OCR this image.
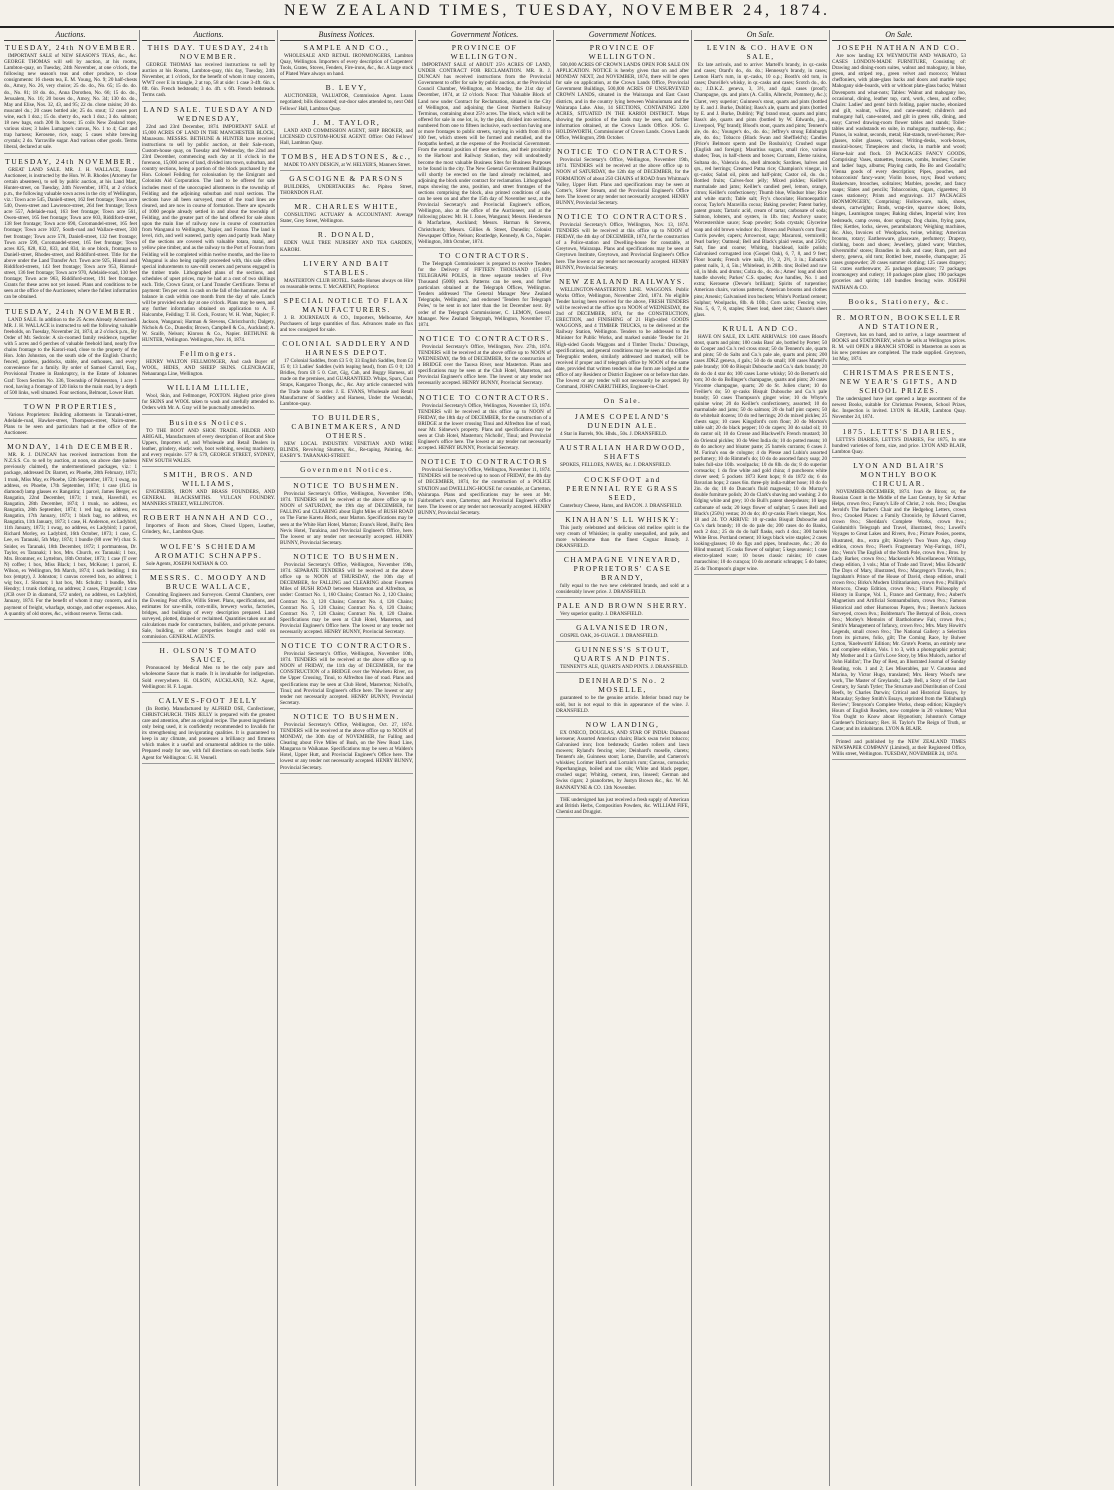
NEW ZEALAND TIMES, TUESDAY, NOVEMBER 24, 1874.
Auctions.
TUESDAY, 24th NOVEMBER.
IMPORTANT SALE of NEW SEASON'S TEAS, &c., &c. GEORGE THOMAS will sell by auction, at his rooms, Lambton-quay, on Tuesday, 24th November, at one o'clock, the following new season's teas and other produce, to close consignments: 16 chests tea, E. M. Young, No. 9; 20 half-chests do., Amoy, No. 26, very choice; 25 do. do., No. 65; 15 do. do. do., No. 81; 18 do. do., Anna Dorothea, No. 66; 15 do. do., Jerusalem, No. 16; 20 boxes do., Amoy, No. 34; 130 do. do., May and Elise, Nos. 32, 43, and 95; 22 do. clone raisins; 20 do. muscatel do.; 20 cases bottled ale; 25 do. stout; 12 cases port wine, each 1 doz.; 15 do. sherry do., each 1 doz.; 3 do. salmon; 18 new bags, each 200 lb. boxes; 15 coils New Zealand rope, various sizes; 3 bales Lumagne's canvas, No. 1 to 4; Cast and trap harness; Kerosene, rice, soap; 5 cases white brewing crystals; 2 do. Yarraville sugar. And various other goods. Terms liberal, declared at sale.
TUESDAY, 24th NOVEMBER.
GREAT LAND SALE. MR. J. H. WALLACE, Estate Auctioneer, is instructed by the Hon. W. B. Rhodes (Attorney for certain absentees), to sell by public auction, at his Land Mart, Hunter-street, on Tuesday, 24th November, 1874, at 2 o'clock p.m., the following valuable town acres in the city of Wellington, viz.: Town acre 545, Daniell-street, 162 feet frontage; Town acre 540, Owen-street and Lawrence-street, 264 feet frontage; Town acre 557, Adelaide-road, 163 feet frontage; Town acre 561, Owen-street, 165 feet frontage; Town acre 603, Riddiford-street, 138 feet frontage; Town acre 690, Coromandel-street, 165 feet frontage; Town acre 1027, South-road and Wallace-street, 330 feet frontage; Town acre 578, Daniell-street, 132 feet frontage; Town acre 599, Coromandel-street, 165 feet frontage; Town acres 825, 828, 832, 833, and 834, in one block, frontages to Daniell-street, Rhodes-street, and Riddiford-street. Title for the above under the Land Transfer Act. Town acre 925, Hintoul and Riddiford-streets, 143 feet frontage; Town acre 953, Rintoul-street, 136 feet frontage; Town acre 970, Adelaide-road, 130 feet frontage; Town acre 963, Riddiford-street, 191 feet frontage. Grants for these acres not yet issued. Plans and conditions to be seen at the office of the Auctioneer, where the fullest information can be obtained.
TUESDAY, 24th NOVEMBER.
LAND SALE. In addition to the 25 Acres Already Advertised. MR. J. H. WALLACE is instructed to sell the following valuable freeholds, on Tuesday, November 24, 1874, at 2 o'clock p.m., By Order of Mr. Sedcole: A six-roomed family residence, together with 5 acres and 6 perches of valuable freehold land, nearly five chains frontage to the Karori-road, close to the property of the Hon. John Johnston, on the south side of the English Church; fenced, gardens, paddocks, stable, and outhouses, and every convenience for a family. By order of Samuel Carroll, Esq., Provisional Trustee in Bankruptcy, in the Estate of Johannes Graf: Town Section No. 336, Township of Palmerston, 1 acre 1 rood, having a frontage of 120 links to the main road, by a depth of 500 links, well situated. Four sections, Belmont, Lower Hutt.
TOWN PROPERTIES,
Various Proprietors: Building allotments in Taranaki-street, Adelaide-road, Hawker-street, Thompson-street, Nairn-street. Plans to be seen and particulars had at the office of the Auctioneer.
MONDAY, 14th DECEMBER.
MR. R. J. DUNCAN has received instructions from the N.Z.S.S. Co. to sell by auction, at noon, on above date (unless previously claimed), the undermentioned packages, viz.: 1 package, addressed Dr. Barrett, ex Phoebe, 28th February, 1873; 1 trunk, Miss May, ex Phoebe, 12th September, 1873; 1 swag, no address, ex Phoebe, 17th September, 1874; 1 case (JLG in diamond) lamp glasses ex Rangatira; 1 parcel, James Berger, ex Rangatira, 22nd December, 1873; 1 trunk, Haverhill, ex Rangatira, 28th December, 1874; 1 trunk, no address, ex Rangatira, 28th September, 1874; 1 red bag, no address, ex Rangatira, 17th January, 1873; 1 black bag, no address, ex Rangatira, 11th January, 1873; 1 case, H. Anderson, ex Ladybird, 11th January, 1873; 1 swag, no address, ex Ladybird; 1 parcel, Richard Morley, ex Ladybird, 16th October, 1873; 1 case, C. Lee, ex Taranaki, 5th May, 1874; 1 bundle (88 over W) char. S. Snider, ex Taranaki, 18th December, 1872; 1 portmanteau, Dr. Taylor, ex Taranaki; 1 box, Mrs. Church, ex Taranaki; 1 box, Mrs. Brommer, ex Lyttelton, 18th October, 1873; 1 case (T over N) coffee; 1 box, Miss Black; 1 box, McKune; 1 parcel, E. Wilson, ex Wellington, 9th March, 1874; 1 sack bedding; 1 tin box (empty), J. Johnston; 1 canvas covered box, no address; 1 wig box, J. Sloman; 1 hat box, Mr. Schultz; 1 bundle, Mrs. Hendry; 1 trunk clothing, no address; 2 cases, Fitzgerald; 1 case (JCB over D in diamond, 572 under), no address, ex Ladybird, January, 1874. For the benefit of whom it may concern, and in payment of freight, wharfage, storage, and other expenses. Also, A quantity of old stores, &c., without reserve. Terms cash.
Auctions.
THIS DAY. TUESDAY, 24th NOVEMBER.
GEORGE THOMAS has received instructions to sell by auction at his Rooms, Lambton-quay, this day, Tuesday, 24th November, at 1 o'clock, for the benefit of whom it may concern, WWT over E in triangle, 2 at top, 58 at side: 1 case 3-4ft. 6in. x 6ft. 6in. French bedsteads; 3 do. 4ft. x 6ft. French bedsteads. Terms cash.
LAND SALE. TUESDAY AND WEDNESDAY,
22nd and 23rd December, 1874. IMPORTANT SALE of 15,000 ACRES OF LAND IN THE MANCHESTER BLOCK, Manawatu. MESSRS. BETHUNE & HUNTER have received instructions to sell by public auction, at their Sale-room, Custom-house quay, on Tuesday and Wednesday, the 22nd and 23rd December, commencing each day at 11 o'clock in the forenoon, 15,000 acres of land, divided into town, suburban, and country sections, being a portion of the block purchased by the Hon. Colonel Feilding for colonisation by the Emigrant and Colonists Aid Corporation. The land to be offered for sale includes most of the unoccupied allotments in the township of Feilding and the adjoining suburban and rural sections. The sections have all been surveyed, most of the road lines are cleared, and are now in course of formation. There are upwards of 1000 people already settled in and about the township of Feilding, and the greater part of the land offered for sale abuts upon the main line of railway now in course of construction from Wanganui to Wellington, Napier, and Foxton. The land is level, rich, and well watered, partly open and partly bush. Many of the sections are covered with valuable totara, matai, and yellow pine timber, and as the railway to the Port of Foxton from Feilding will be completed within twelve months, and the line to Wanganui is also being rapidly proceeded with, this sale offers special inducements to saw-mill owners and persons engaged in the timber trade. Lithographed plans of the sections, and schedules of upset prices, may be had at a cost of two shillings each. Title, Crown Grant, or Land Transfer Certificate. Terms of payment: Ten per cent. in cash on the fall of the hammer, and the balance in cash within one month from the day of sale. Lunch will be provided each day at one o'clock. Plans may be seen, and any further information obtained on application to A. F. Halcombe, Feilding; T. H. Cock, Foxton; W. H. Watt, Napier; F. Jackson, Wanganui; Harman & Stevens, Christchurch; Dalgety, Nichols & Co., Dunedin; Brown, Campbell & Co., Auckland; A. W. Scaife, Nelson; Kinross & Co., Napier. BETHUNE & HUNTER, Wellington. Wellington, Nov. 16, 1874.
Fellmongers.
HENRY WALTON FELLMONGER, And cash Buyer of WOOL, HIDES, AND SHEEP SKINS. GLENCRAGIE, Nehauranga Line, Wellington.
WILLIAM LILLIE,
Wool, Skin, and Fellmonger, FOXTON. Highest price given for SKINS and WOOL taken to wash and carefully attended to. Orders with Mr. A. Gray will be punctually attended to.
Business Notices.
TO THE BOOT AND SHOE TRADE. HILDER AND ABIGAIL, Manufacturers of every description of Boot and Shoe Uppers, Importers of, and Wholesale and Retail Dealers in leather, grindery, elastic web, boot webbing, sewing machinery, and every requisite. 577 & 579, GEORGE STREET, SYDNEY, NEW SOUTH WALES.
SMITH, BROS. AND WILLIAMS,
ENGINEERS, IRON AND BRASS FOUNDERS, AND GENERAL BLACKSMITHS. VULCAN FOUNDRY. MANNERS STREET, WELLINGTON.
ROBERT HANNAH AND CO.,
Importers of Boots and Shoes, Closed Uppers, Leather, Grindery, &c., Lambton Quay.
WOLFE'S SCHIEDAM AROMATIC SCHNAPPS.
Sole Agents, JOSEPH NATHAN & CO.
MESSRS. C. MOODY AND BRUCE WALLACE,
Consulting Engineers and Surveyors. Central Chambers, over the Evening Post office, Willis Street. Plans, specifications, and estimates for saw-mills, corn-mills, brewery works, factories, bridges, and buildings of every description prepared. Land surveyed, plotted, drained or reclaimed. Quantities taken out and calculations made for contractors, builders, and private persons. Sale, building, or other properties bought and sold on commission. GENERAL AGENTS.
H. OLSON'S TOMATO SAUCE,
Pronounced by Medical Men to be the only pure and wholesome Sauce that is made. It is invaluable for indigestion. Sold everywhere. H. OLSON, AUCKLAND, N.Z. Agent, Wellington: H. F. Logan.
CALVES-FOOT JELLY
(In Bottle). Manufactured by ALFRED OSE, Confectioner, CHRISTCHURCH. THIS JELLY is prepared with the greatest care and attention, after an original recipe. The purest ingredients only being used, it is confidently recommended to Invalids for its strengthening and invigorating qualities. It is guaranteed to keep in any climate, and possesses a brilliancy and firmness which makes it a useful and ornamental addition to the table. Prepared ready for use, with full directions on each bottle. Sole Agent for Wellington: G. H. Vennell.
Business Notices.
SAMPLE AND CO.,
WHOLESALE AND RETAIL IRONMONGERS, Lambton Quay, Wellington. Importers of every description of Carpenters' Tools, Grates, Stoves, Fenders, Fire-irons, &c., &c. A large stock of Plated Ware always on hand.
B. LEVY,
AUCTIONEER, VALUATOR, Commission Agent. Loans negotiated; bills discounted; out-door sales attended to, next Odd Fellows' Hall, Lambton Quay.
J. M. TAYLOR,
LAND AND COMMISSION AGENT, SHIP BROKER, and LICENSED CUSTOM-HOUSE AGENT. Office: Odd Fellows' Hall, Lambton Quay.
TOMBS, HEADSTONES, &c.,
MADE TO ANY DESIGN, at W. HELYER'S, Manners Street.
GASCOIGNE & PARSONS
BUILDERS, UNDERTAKERS &c. Pipitea Street, THORNDON FLAT.
MR. CHARLES WHITE,
CONSULTING ACTUARY & ACCOUNTANT. Average Stater, Grey Street, Wellington.
R. DONALD,
EDEN VALE TREE NURSERY AND TEA GARDEN, KARORI.
LIVERY AND BAIT STABLES.
MASTERTON CLUB HOTEL. Saddle Horses always on Hire on reasonable terms. T. McCARTHY, Proprietor.
SPECIAL NOTICE TO FLAX MANUFACTURERS.
J. B. JOURNEAUX & CO., Importers, Melbourne, Are Purchasers of large quantities of flax. Advances made on flax and tow consigned for sale.
COLONIAL SADDLERY AND HARNESS DEPOT.
17 Colonial Saddles, from £3 5 0; 33 English Saddles, from £2 15 0; 13 Ladies' Saddles (with leaping head), from £5 0 0; 120 Bridles, from £0 5 0. Cart, Gig, Cab, and Buggy Harness, all made on the premises, and GUARANTEED. Whips, Spurs, Coat Straps, Kangaroo Thongs, &c., &c. Any article connected with the Trade made to order. J. E. EVANS, Wholesale and Retail Manufacturer of Saddlery and Harness, Under the Verandah, Lambton-quay.
TO BUILDERS, CABINETMAKERS, AND OTHERS.
NEW LOCAL INDUSTRY. VENETIAN AND WIRE BLINDS, Revolving Shutters, &c., Re-taping, Painting, &c. EASBY'S. TARANAKI-STREET.
Government Notices.
NOTICE TO BUSHMEN.
Provincial Secretary's Office, Wellington, November 19th, 1874. TENDERS will be received at the above office up to NOON of SATURDAY, the 19th day of DECEMBER, for FALLING and CLEARING about Eight Miles of BUSH ROAD on The Farne Karetu Block, near Marton. Specifications may be seen at the White Hart Hotel, Marton; Evans's Hotel, Bull's; Ben Nevis Hotel, Turakina, and Provincial Engineer's Office, here. The lowest or any tender not necessarily accepted. HENRY BUNNY, Provincial Secretary.
NOTICE TO BUSHMEN.
Provincial Secretary's Office, Wellington, November 19th, 1874. SEPARATE TENDERS will be received at the above office up to NOON of THURSDAY, the 10th day of DECEMBER, for FALLING and CLEARING about Fourteen Miles of BUSH ROAD between Masterton and Alfredton, as under: Contract No. 1, 160 Chains; Contract No. 2, 120 Chains; Contract No. 3, 120 Chains; Contract No. 4, 120 Chains; Contract No. 5, 120 Chains; Contract No. 6, 120 Chains; Contract No. 7, 120 Chains; Contract No. 8, 120 Chains. Specifications may be seen at Club Hotel, Masterton, and Provincial Engineer's Office here. The lowest or any tender not necessarily accepted. HENRY BUNNY, Provincial Secretary.
NOTICE TO CONTRACTORS.
Provincial Secretary's Office, Wellington, November 10th, 1874. TENDERS will be received at the above office up to NOON of FRIDAY, the 11th day of DECEMBER, for the CONSTRUCTION of a BRIDGE over the Waiwhetu River, on the Upper Crossing, Tinui, to Alfredton line of road. Plans and specifications may be seen at Club Hotel, Masterton; Nicholl's, Tinui; and Provincial Engineer's office here. The lowest or any tender not necessarily accepted. HENRY BUNNY, Provincial Secretary.
NOTICE TO BUSHMEN.
Provincial Secretary's Office, Wellington, Oct. 27, 1874. TENDERS will be received at the above office up to NOON of MONDAY, the 30th day of NOVEMBER, for Falling and Clearing about Five Miles of Bush, on the New Road Line, Mangaroa to Waikanae. Specifications may be seen at Walden's Hotel, Upper Hutt, and Provincial Engineer's Office here. The lowest or any tender not necessarily accepted. HENRY BUNNY, Provincial Secretary.
Government Notices.
PROVINCE OF WELLINGTON.
IMPORTANT SALE of ABOUT 25½ ACRES OF LAND, UNDER CONTRACT FOR RECLAMATION. MR. R. J. DUNCAN has received instructions from the Provincial Government to offer for sale by public auction, at the Provincial Council Chamber, Wellington, on Monday, the 21st day of December, 1874, at 12 o'clock Noon: That Valuable Block of Land now under Contract for Reclamation, situated in the City of Wellington, and adjoining the Great Northern Railway Terminus, containing about 25½ acres. The block, which will be offered for sale in one lot, is, by the plan, divided into sections, numbered from one to fifteen inclusive, each section having one or more frontages to public streets, varying in width from 40 to 100 feet, which streets will be formed and metalled, and the footpaths kerbed, at the expense of the Provincial Government. From the central position of these sections, and their proximity to the Harbour and Railway Station, they will undoubtedly become the most valuable Business Sites for Business Purposes to be found in the city. The New General Government Buildings will shortly be erected on the land already reclaimed, and adjoining the block under contract for reclamation. Lithographed maps showing the area, position, and street frontages of the sections comprising the block, also printed conditions of sale, can be seen on and after the 15th day of November next, at the Provincial Secretary's and Provincial Engineer's offices, Wellington, also at the office of the Auctioneer, and at the following places: Mr. H. I. Jones, Wanganui; Messrs. Henderson & Macfarlane, Auckland; Messrs. Harman & Stevens, Christchurch; Messrs. Gillies & Street, Dunedin; Colonist Newspaper Office, Nelson; Routledge, Kennedy, & Co., Napier. Wellington, 30th October, 1874.
TO CONTRACTORS.
The Telegraph Commissioner is prepared to receive Tenders for the Delivery of FIFTEEN THOUSAND (15,000) TELEGRAPH POLES, in three separate tenders of Five Thousand (5000) each. Patterns can be seen, and further particulars obtained at the Telegraph Offices, Wellington. Tenders addressed 'The General Manager New Zealand Telegraphs, Wellington,' and endorsed 'Tenders for Telegraph Poles,' to be sent in not later than the 1st December next. By order of the Telegraph Commissioner, C. LEMON, General Manager. New Zealand Telegraph, Wellington, November 17, 1874.
NOTICE TO CONTRACTORS.
Provincial Secretary's Office, Wellington, Nov. 27th, 1874. TENDERS will be received at the above office up to NOON of WEDNESDAY, the 9th of DECEMBER, for the construction of a BRIDGE over the Tauwa River, near Masterton. Plans and specifications may be seen at the Club Hotel, Masterton, and Provincial Engineer's office here. The lowest or any tender not necessarily accepted. HENRY BUNNY, Provincial Secretary.
NOTICE TO CONTRACTORS.
Provincial Secretary's Office, Wellington, November 13, 1874. TENDERS will be received at this office up to NOON of FRIDAY, the 18th day of DECEMBER, for the construction of a BRIDGE at the lower crossing Tinui and Alfredton line of road, near Mr. Sidnews's property. Plans and specifications may be seen at Club Hotel, Masterton; Nicholls', Tinui; and Provincial Engineer's office here. The lowest or any tender not necessarily accepted. HENRY BUNNY, Provincial Secretary.
NOTICE TO CONTRACTORS
Provincial Secretary's Office, Wellington, November 11, 1874. TENDERS will be received up to noon of FRIDAY, the 4th day of DECEMBER, 1874, for the construction of a POLICE STATION and DWELLING-HOUSE for constable, at Carterton, Wairarapa. Plans and specifications may be seen at Mr. Fairbrother's store, Carterton; and Provincial Engineer's office here. The lowest or any tender not necessarily accepted. HENRY BUNNY, Provincial Secretary.
Government Notices.
PROVINCE OF WELLINGTON.
500,000 ACRES OF CROWN LANDS OPEN FOR SALE ON APPLICATION. NOTICE is hereby given that on and after MONDAY NEXT, 2nd NOVEMBER, 1874, there will be open for sale on application, at the Crown Lands Office, Provincial Government Buildings, 500,000 ACRES OF UNSURVEYED CROWN LANDS, situated in the Wairarapa and East Coast districts, and in the country lying between Wainuiomata and the Wairarapa Lake. Also, 14 SECTIONS, CONTAINING 3200 ACRES, SITUATED IN THE KARIOI DISTRICT. Maps showing the position of the lands may be seen, and further information obtained, at the Crown Lands Office. JOS. G. HOLDSWORTH, Commissioner of Crown Lands. Crown Lands Office, Wellington, 29th October.
NOTICE TO CONTRACTORS.
Provincial Secretary's Office, Wellington, November 19th, 1874. TENDERS will be received at the above office up to NOON of SATURDAY, the 12th day of DECEMBER, for the FORMATION of about 250 CHAINS of ROAD from Whitmaa's Valley, Upper Hutt. Plans and specifications may be seen at Cotter's, Silver Stream, and the Provincial Engineer's Office here. The lowest or any tender not necessarily accepted. HENRY BUNNY, Provincial Secretary.
NOTICE TO CONTRACTORS.
Provincial Secretary's Office, Wellington, Nov. 13, 1874. TENDERS will be received at this office up to NOON of FRIDAY, the 4th day of DECEMBER, 1874, for the construction of a Police-station and Dwelling-house for constable, at Greytown, Wairarapa. Plans and specifications may be seen at Greytown Institute, Greytown, and Provincial Engineer's Office here. The lowest or any tender not necessarily accepted. HENRY BUNNY, Provincial Secretary.
NEW ZEALAND RAILWAYS.
WELLINGTON-MASTERTON LINE. WAGGONS. Public Works Office, Wellington, November 23rd, 1874. No eligible Tender having been received for the above, FRESH TENDERS will be received at the office up to NOON of WEDNESDAY, the 2nd of DECEMBER, 1874, for the CONSTRUCTION, ERECTION, and FINISHING of 21 High-sided GOODS WAGGONS, and 4 TIMBER TRUCKS, to be delivered at the Railway Station, Wellington. Tenders to be addressed to the Minister for Public Works, and marked outside 'Tender for 21 High-sided Goods Waggons and 4 Timber Trucks.' Drawings, specifications, and general conditions may be seen at this Office. Telegraphic tenders, similarly addressed and marked, will be received if proper and if telegraph office by NOON of the same date, provided that written tenders in due form are lodged at the office of any Resident or District Engineer on or before that date. The lowest or any tender will not necessarily be accepted. By Command, JOHN CARRUTHERS, Engineer-in-Chief.
On Sale.
JAMES COPELAND'S DUNEDIN ALE.
4 Star in Barrels, 90s. Hhds., 50s. J. DRANSFIELD.
AUSTRALIAN HARDWOOD, SHAFTS
SPOKES, FELLOES, NAVES, &c. J. DRANSFIELD.
COCKSFOOT and PERENNIAL RYE GRASS SEED,
Canterbury Cheese, Hams, and BACON. J. DRANSFIELD.
KINAHAN'S LL WHISKY:
This justly celebrated and delicious old mellow spirit is the very cream of Whiskies; in quality unequalled, and pale, and more wholesome than the finest Cognac Brandy. J. DRANSFIELD.
CHAMPAGNE VINEYARD, PROPRIETORS' CASE BRANDY,
fully equal to the two new celebrated brands, and sold at a considerably lower price. J. DRANSFIELD.
PALE AND BROWN SHERRY.
Very superior quality. J. DRANSFIELD.
GALVANISED IRON,
GOSPEL OAK, 26-GUAGE. J. DRANSFIELD.
GUINNESS'S STOUT, QUARTS AND PINTS.
TENNENT'S ALE, QUARTS AND PINTS. J. DRANSFIELD.
DEINHARD'S No. 2 MOSELLE,
guaranteed to be the genuine article. Inferior brand may be sold, but is not equal to this in appearance of the wine. J. DRANSFIELD.
NOW LANDING,
EX ONECO, DOUGLAS, AND STAR OF INDIA: Diamond kerosene; Assorted American chairs; Black swan twist tobacco; Galvanised iron; Iron bedsteads; Garden rollers and lawn mowers; Ryland's fencing wire; Deinhard's moselle, clarets; Tennent's ale, Guinness stout; Lorne, Danville, and Cameron's whiskies; Lorimer Hart's and Lorrain's rum; Canvas, cornsacks; Paperhangings, boiled and raw oils; White and black pepper, crushed sugar; Whiting, cement, iron, linseed; German and Swiss cigars; 2 pianofortes, by Justyn Brown &c., &c. W. M. BANNATYNE & CO. 13th November.
THE undersigned has just received a fresh supply of American and British Herbs, Composition Powders, &c. WILLIAM FIFE, Chemist and Druggist.
On Sale.
LEVIN & CO. HAVE ON SALE,
Ex late arrivals, and to arrive: Martell's brandy, in qr.-casks and cases; Otard's do., do. do.; Hennessy's brandy, in cases; Lemon Hart's rum, in qr.-casks, 10 o.p.; Booth's old tom, in cases; Dunville's whisky, in qr.-casks and cases; Scotch do., do. do.; J.D.K.Z. geneva, 3, 3½, and 4gal. cases (proof); Champagne, qts. and pints (A. Collin, Albrecht, Pommery, &c.); Claret, very superior; Guinness's stout, quarts and pints (bottled by E. and J. Burke, Dublin); Bass's ale, quarts and pints (bottled by E. and J. Burke, Dublin); 'Pig' brand stout, quarts and pints; Bass's ale, quarts and pints (bottled by W. Edwards, jun., Liverpool, 'Pig' brand); Blood's stout, quarts and pints; Tennent's ale, do. do.; Younger's do., do. do.; Jeffrey's strong Edinburgh ale, do. do.; Tobacco (Black Swan and Sheffield's); Candles (Price's Belmont sperm and De Roubaix's); Crushed sugar (English and foreign); Mauritius sugars, small rice, various shades; Teas, in half-chests and boxes; Currants, Eleme raisins, Sultana do., Valencia do., shell almonds; Sardines, halves and qrs., red herrings; Creamed Patna rice; Champion's vinegar, in qr.-casks; Salad oil, pints and half-pints; Castor oil, do. do.; Bottled fruits; Calves-foot jelly; Mixed pickles; Keiller's marmalade and jams; Keiller's candied peel, lemon, orange, citron; Keiller's confectionery; Thumb blue, Windsor blue; Rice and white starch; Table salt; Fry's chocolate; Homoeopathic cocoa; Taylor's Maravilla cocoa; Baking powder; Patent barley, patent groats; Tartaric acid, cream of tartar, carbonate of soda; Salmon, lobsters, and oysters, in 1lb. tins; Anchovy sauce; Worcestershire sauce; Soap powder; Soda crystals; Glycerine soap and old brown windsor do.; Brown and Polson's corn flour; Curris powder, capers; Arrowroot, sago; Macaroni, vermicelli; Pearl barley; Oatmeal; Bell and Black's plaid vestas, and 250's; Salt, fine and coarse; Whiting, blacklead, knife polish; Galvanised corrugated iron (Gospel Oak), 6, 7, 8, and 9 feet; Floor boards; French wire nails, 1½, 2, 2½, 3 in.; Eubank's patent nails, 3, 4, 5in.; Whitelead, in 28lb. tins; Boiled and raw oil, in hhds. and drums; Colza do., do. do.; Ames' long and short handle shovels; Parkes' C.S. spades; Axe handles, No. 1 and extra; Kerosene (Devoe's brilliant); Spirits of turpentine; American chairs, various patterns; American brooms and clothes pins; Arsenic; Galvanised iron buckets; White's Portland cement; Sulphur; Woolpacks, 8lb. & 10lb.; Corn sacks; Fencing wire, Nos. 5, 6, 7, 8, staples; Sheet lead, sheet zinc; Chance's sheet glass.
KRULL AND CO.
HAVE ON SALE, EX LATE ARRIVALS: 100 cases Blood's stout, quarts and pints; 100 casks Bass' ale, bottled by Porter; 50 do Cooper and Co.'s red cross stout; 50 do Tennent's ale, quarts and pints; 50 do Salts and Co.'s pale ale, quarts and pints; 200 cases JDKZ geneva, 4 gals.; 50 do do small; 100 cases Martell's pale brandy; 100 do Bisquit Dubouche and Co.'s dark brandy; 20 do do do 4 star do; 100 cases Lorne whisky; 50 do Bernett's old tom; 30 do do Bollinger's champagne, quarts and pints; 20 cases Vicomte champagne, quarts; 20 do St. Julien claret; 10 do Freilier's do; 50 qr-casks Bisquit Dubouche and Co.'s pale brandy; 50 cases Thompson's ginger wine; 10 do Whyte's quinine wine; 20 do Keiller's confectionery, assorted; 10 do marmalade and jams; 50 do salmon; 20 do half pint capers; 50 do whitebait dozens; 10 do red herrings; 20 do mixed pickles; 25 chests sago; 10 cases Kingsford's corn flour; 20 do Morton's table salt; 20 do black pepper; 10 do capers; 30 do salad oil; 10 do castor oil; 10 do Crosse and Blackwell's French mustard; 30 do Oriental pickles; 10 do West India do; 10 do potted meats; 10 do do anchovy and bloater paste; 25 barrels currants; 6 cases J. M. Farina's eau de cologne; 4 do Plesse and Lubin's assorted perfumery; 10 do Rimmel's do; 10 do do assorted fancy soap; 20 bales full-size 10lb. woolpacks; 10 do 8lb. do do; 8 do superior cornsacks; 1 do fine white and gold china; 4 puncheons white clover seed; 5 pockets 1873 Kent hops; 8 do 1872 do; 6 do Bavarian hops; 2 cases 6in. three-ply india-rubber hose; 10 do do 2in. do do; 10 do Duncan's fluid magnesia; 10 do Murray's double furniture polish; 20 do Clark's shaving and washing; 2 do Edging white and grey; 10 do Bull's patent sheepshears; 10 kegs carbonate of soda; 20 kegs flower of sulphur; 5 cases Bell and Black's (250's) vestas; 20 do do; 40 qr-casks Fine's vinegar, Nos. 18 and 24. TO ARRIVE: 10 qr-casks Bisquit Dubouche and Co.'s dark brandy; 10 do do pale do; 200 cases do do Banks, each 2 doz.; 25 do do do half flasks, each 4 doz.; 300 barrels White Bros. Portland cement; 10 kegs black wire staples; 2 cases looking-glasses; 10 do figs and pipes, brushware, &c.; 20 do Blind mustard; 15 casks flower of sulphur; 5 kegs arsenic; 1 case electro-plated ware; 10 boxes classic raisins; 10 cases maraschino; 10 do curaçoa; 10 do aromatic schnapps; 5 do bates; 25 do Thompson's ginger wine.
On Sale.
JOSEPH NATHAN AND CO.
Are now landing EX WEYMOUTH AND WAIKATO, 53 CASES LONDON-MADE FURNITURE, Consisting of: Drawing and dining-room suites, walnut and mahogany, in blue, green, and striped rep., green velvet and morocco; Walnut cheffoniers, with plate-glass backs and doors and marble tops; Mahogany side-boards, with or without plate-glass backs; Walnut Davenports and what-nots; Tables: Walnut and mahogany loo, occasional, dining, leather top, card, work, chess, and coffee; Chairs: Ladies' and gents' birch folding, papier mache, ebonized and gilt, walnut, willow, and cane-seated; children's and mahogany hall, cane-seated, and gilt in green silk, dining, and easy; Carved drawing-room flower tables and stands; Toilet-tables and washstands en suite, in mahogany, marble-top, &c.; Pianos, in walnut, seconds, metal; Hat-stands, towel-horses; Pier-glasses, toilet glasses, various; Writing-desks, work-boxes, musical-boxes; Timepieces and clocks, in marble and wood; Horse-hair and flock. 59 PACKAGES FANCY GOODS, Comprising: Vases, statuettes, bronzes, combs, brushes; Courier and ladies' bags, albums; Playing cards, Bo Bo and Goodall's; Vienna goods of every description; Pipes, pouches, and tobacconists' fancy-ware; Violin boxes, toys; Bead workers; Basketware, brooches, solitaires; Marbles, powder, and fancy soaps; Slates and pencils; Tobacconists, cigars, cigarettes; 10 cases stationery; Prints and engravings. 317 PACKAGES IRONMONGERY, Comprising: Hollowware, nails, shoes, shears, cartwrights; Brads, wrap-tire, sparrow shoes; Bolts, hinges, Leamington ranges; Baking dishes, Imperial wire; Iron bedsteads, camp ovens, door springs; Dog chains, frying pans, files; Kettles, locks, sieves, perambulators; Weighing machines, &c. Also, Invoices of: Woolpacks, twine, whiting; American brooms, rotary; Earthenware, glassware, perfumery; Drapery, clothing, boots and shoes; Jewellery, plated ware; Watches, silversmiths' stores; Brandies in bulk and case; Rum, port and sherry, geneva, old tom; Bottled beer, moselle, champagne; 25 cases gunpowder; 20 cases summer clothing; 125 cases drapery; 51 crates earthenware; 25 packages glassware; 72 packages ironmongery and cutlery; 10 packages plate glass; 190 packages groceries and spirits; 140 bundles fencing wire. JOSEPH NATHAN & CO.
Books, Stationery, &c.
R. MORTON, BOOKSELLER AND STATIONER,
Greytown, has on hand, and to arrive, a large assortment of BOOKS and STATIONERY, which he sells at Wellington prices. R. M. will OPEN a BRANCH STORE in Masterton as soon as his new premises are completed. The trade supplied. Greytown, 1st May, 1874.
CHRISTMAS PRESENTS, NEW YEAR'S GIFTS, AND SCHOOL PRIZES.
The undersigned have just opened a large assortment of the newest Books, suitable for Christmas Presents, School Prizes, &c. Inspection is invited. LYON & BLAIR, Lambton Quay. November 24, 1874.
1875. LETTS'S DIARIES,
LETTS'S DIARIES, LETTS'S DIARIES, For 1875, In one hundred varieties of form, size, and price. LYON AND BLAIR, Lambton Quay.
LYON AND BLAIR'S MONTHLY BOOK CIRCULAR.
NOVEMBER-DECEMBER, 1874. Ivan de Biron; or, the Russian Court in the Middle of the Last Century, by Sir Arthur Helps, crown 8vo.; Fanny's Life of Christ, 2 vols. 8vo.; Douglas Jerrold's The Barber's Chair and the Hedgehog Letters, crown 8vo.; Crooked Places: a Family Chronicle, by Edward Garrett, crown 8vo.; Sheridan's Complete Works, crown 8vo.; Goldsmith's Telegraph and Travel, illustrated, 8vo.; Lowell's Voyages to Great Lakes and Rivers, 8vo.; Picture Posies, poems, illustrated, 4to., extra gilt; Kinsley's Two Years Ago, cheap edition, crown 8vo.; Fleet's Fragmentary Way-Farings, 1871, 4to.; Venn's The English of the North Pole, crown 8vo.; Bros. by Lady Barker, crown 8vo.; Mackenzie's Miscellaneous Writings, cheap edition, 3 vols.; Man of Trade and Travel; Miss Edwards' The Days of Mary, illustrated, 8vo.; Macgregor's Travels, 8vo.; Ingraham's Prince of the House of David, cheap edition, small crown 8vo.; Birks's Modern Utilitarianism, crown 8vo.; Phillips's Morocco, Cheap Edition, crown 8vo.; Flint's Philosophy of History in Europe, Vol. I., France and Germany, 8vo.; Aubert's Magnetism and Artificial Somnambulism, crown 8vo.; Famous Historical and other Humorous Papers, 8vo.; Beeton's Jackson Surveyed, crown 8vo.; Boldremar's The Betrayal of Bois, crown 8vo.; Morley's Memoirs of Bartholomew Fair, crown 8vo.; Smith's Management of Infancy, crown 8vo.; Mrs. Mary Howitt's Legends, small crown 8vo.; The National Gallery: a Selection from its pictures, folio, gilt; The Coming Race, by Bulwer Lytton, 'Knebworth' Edition; Mr. Grote's Poems, an entirely new and complete edition, Vols. 1 to 3, with a photographic portrait; My Mother and I: a Girl's Love Story, by Miss Muloch, author of 'John Halifax'; The Day of Rest, an Illustrated Journal of Sunday Reading, vols. 1 and 2; Les Miserables, par V. Cousteau and Marina, by Victor Hugo, translated; Mrs. Henry Wood's new work, The Master of Greylands; Lady Bell, a Story of the Last Century, by Sarah Tytler; The Structure and Distribution of Coral Reefs, by Charles Darwin; Critical and Historical Essays, by Macaulay; Sydney Smith's Essays, reprinted from the 'Edinburgh Review'; Tennyson's Complete Works, cheap edition; Kingsley's Hours of English Readers, now complete in 20 volumes; What You Ought to Know about Hypnotism; Johnston's Cottage Gardener's Dictionary; Rev. H. Taylor's The Reign of Truth, or Caste; and its inhabitants. LYON & BLAIR.
Printed and published by the NEW ZEALAND TIMES NEWSPAPER COMPANY (Limited), at their Registered Office, Willis street, Wellington. TUESDAY, NOVEMBER 24, 1874.
